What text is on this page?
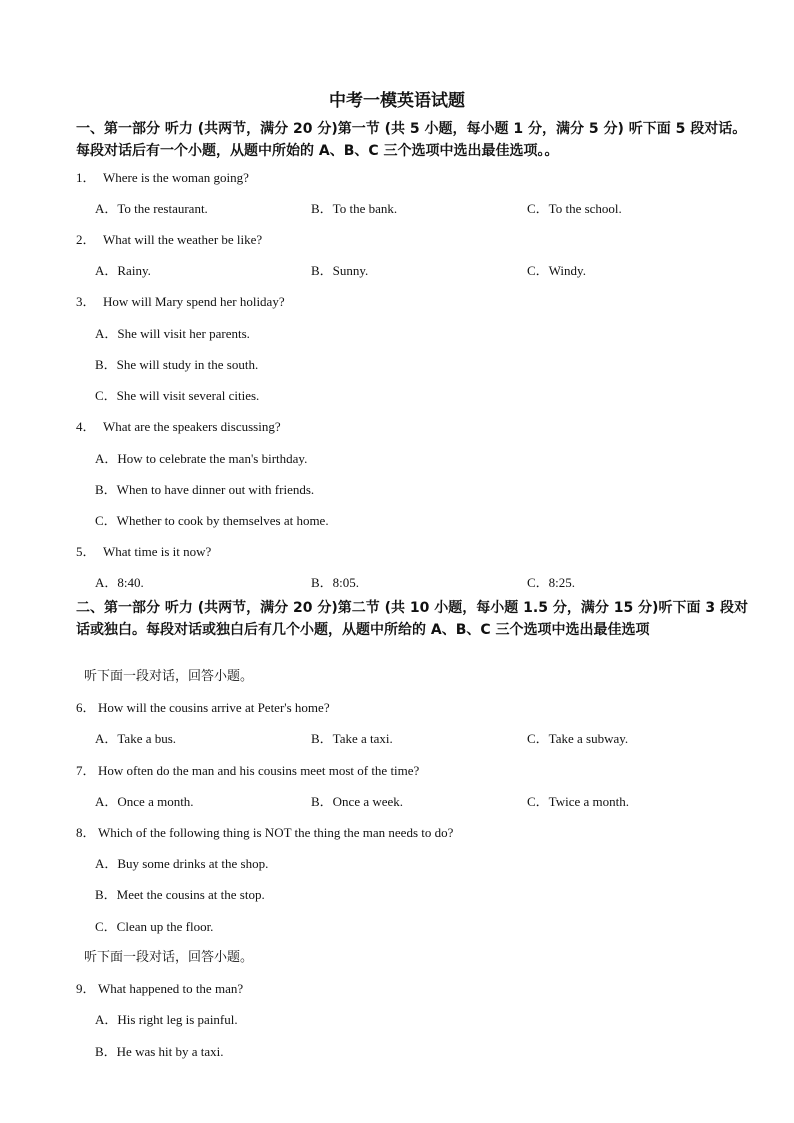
中考一模英语试题
一、第一部分 听力 (共两节，满分 20 分)第一节 (共 5 小题，每小题 1 分，满分 5 分) 听下面 5 段对话。每段对话后有一个小题，从题中所始的 A、B、C 三个选项中选出最佳选项。。
1． Where is the woman going?
A．To the restaurant.	B．To the bank.	C．To the school.
2． What will the weather be like?
A．Rainy.	B．Sunny.	C．Windy.
3． How will Mary spend her holiday?
A．She will visit her parents.
B．She will study in the south.
C．She will visit several cities.
4． What are the speakers discussing?
A．How to celebrate the man's birthday.
B．When to have dinner out with friends.
C．Whether to cook by themselves at home.
5． What time is it now?
A．8:40.	B．8:05.	C．8:25.
二、第一部分 听力 (共两节，满分 20 分)第二节 (共 10 小题，每小题 1.5 分，满分 15 分)听下面 3 段对话或独白。每段对话或独白后有几个小题，从题中所给的 A、B、C 三个选项中选出最佳选项
听下面一段对话，回答小题。
6． How will the cousins arrive at Peter's home?
A．Take a bus.	B．Take a taxi.	C．Take a subway.
7． How often do the man and his cousins meet most of the time?
A．Once a month.	B．Once a week.	C．Twice a month.
8． Which of the following thing is NOT the thing the man needs to do?
A．Buy some drinks at the shop.
B．Meet the cousins at the stop.
C．Clean up the floor.
听下面一段对话，回答小题。
9． What happened to the man?
A．His right leg is painful.
B．He was hit by a taxi.
